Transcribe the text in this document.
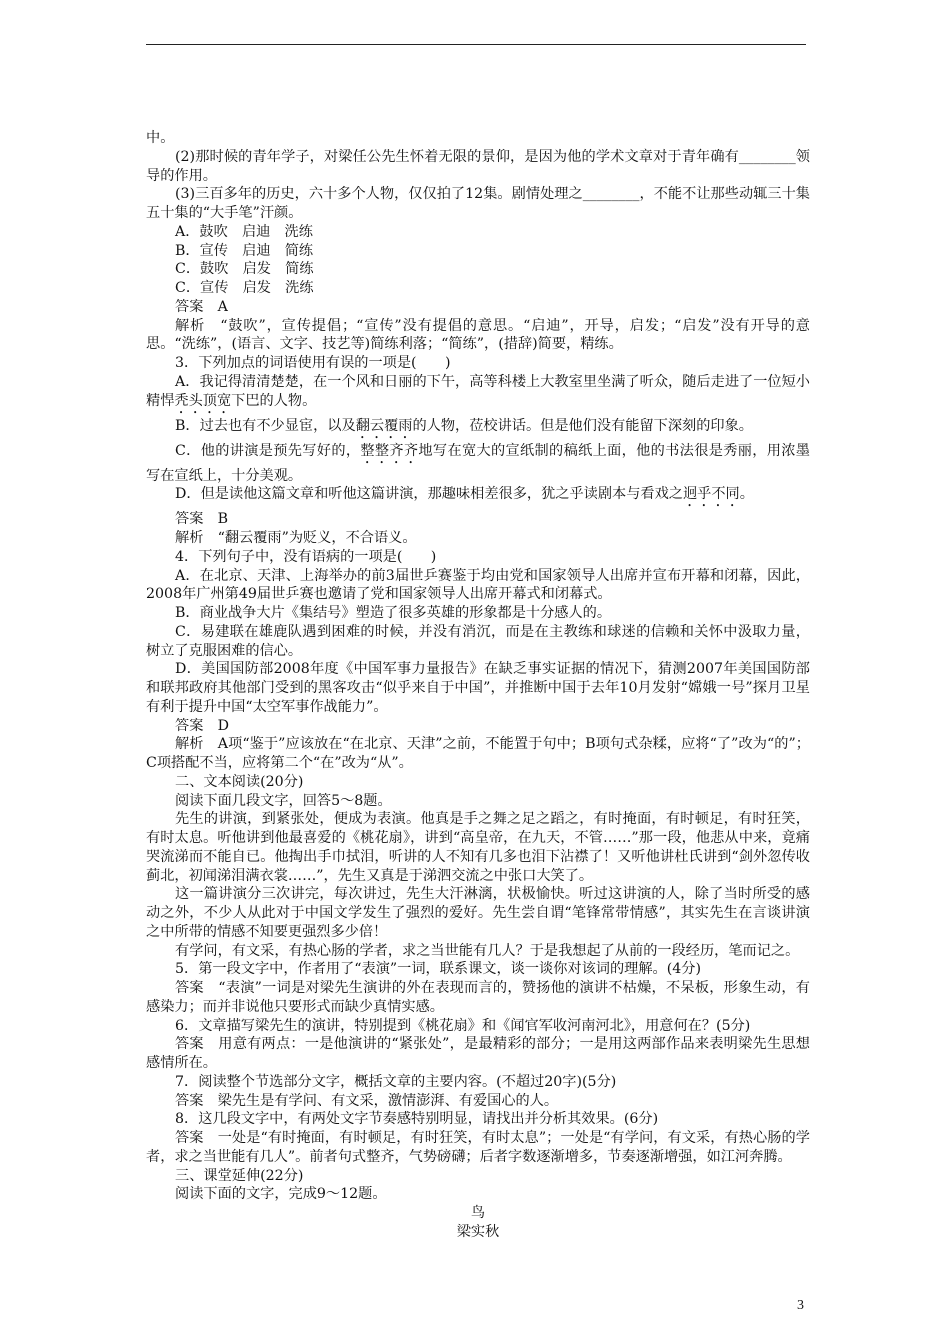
中。

(2)那时候的青年学子，对梁任公先生怀着无限的景仰，是因为他的学术文章对于青年确有________领导的作用。

(3)三百多年的历史，六十多个人物，仅仅拍了12集。剧情处理之________，不能不让那些动辄三十集五十集的“大手笔”汗颜。

A．鼓吹　启迪　洗练

B．宣传　启迪　简练

C．鼓吹　启发　简练

C．宣传　启发　洗练

答案　A

解析　“鼓吹”，宣传提倡；“宣传”没有提倡的意思。“启迪”，开导，启发；“启发”没有开导的意思。“洗练”，(语言、文字、技艺等)简练利落；“简练”，(措辞)简要，精练。

3．下列加点的词语使用有误的一项是(　　)

A．我记得清清楚楚，在一个风和日丽的下午，高等科楼上大教室里坐满了听众，随后走进了一位短小精悍秃头顶宽下巴的人物。

B．过去也有不少显宦，以及翻云覆雨的人物，莅校讲话。但是他们没有能留下深刻的印象。

C．他的讲演是预先写好的，整整齐齐地写在宽大的宣纸制的稿纸上面，他的书法很是秀丽，用浓墨写在宣纸上，十分美观。

D．但是读他这篇文章和听他这篇讲演，那趣味相差很多，犹之乎读剧本与看戏之迥乎不同。

答案　B

解析　“翻云覆雨”为贬义，不合语义。

4．下列句子中，没有语病的一项是(　　)

A．在北京、天津、上海举办的前3届世乒赛鉴于均由党和国家领导人出席并宣布开幕和闭幕，因此，2008年广州第49届世乒赛也邀请了党和国家领导人出席开幕式和闭幕式。

B．商业战争大片《集结号》塑造了很多英雄的形象都是十分感人的。

C．易建联在雄鹿队遇到困难的时候，并没有消沉，而是在主教练和球迷的信赖和关怀中汲取力量，树立了克服困难的信心。

D．美国国防部2008年度《中国军事力量报告》在缺乏事实证据的情况下，猜测2007年美国国防部和联邦政府其他部门受到的黑客攻击“似乎来自于中国”，并推断中国于去年10月发射“嫦娥一号”探月卫星有利于提升中国“太空军事作战能力”。

答案　D

解析　A项“鉴于”应该放在“在北京、天津”之前，不能置于句中；B项句式杂糅，应将“了”改为“的”；C项搭配不当，应将第二个“在”改为“从”。

二、文本阅读(20分)

阅读下面几段文字，回答5～8题。

先生的讲演，到紧张处，便成为表演。他真是手之舞之足之蹈之，有时掩面，有时顿足，有时狂笑，有时太息。听他讲到他最喜爱的《桃花扇》，讲到“高皇帝，在九天，不管……”那一段，他悲从中来，竟痛哭流涕而不能自已。他掏出手巾拭泪，听讲的人不知有几多也泪下沾襟了！又听他讲杜氏讲到“剑外忽传收蓟北，初闻涕泪满衣裳……”，先生又真是于涕泗交流之中张口大笑了。

这一篇讲演分三次讲完，每次讲过，先生大汗淋漓，状极愉快。听过这讲演的人，除了当时所受的感动之外，不少人从此对于中国文学发生了强烈的爱好。先生尝自谓“笔锋常带情感”，其实先生在言谈讲演之中所带的情感不知要更强烈多少倍！

有学问，有文采，有热心肠的学者，求之当世能有几人？于是我想起了从前的一段经历，笔而记之。

5．第一段文字中，作者用了“表演”一词，联系课文，谈一谈你对该词的理解。(4分)

答案　“表演”一词是对梁先生演讲的外在表现而言的，赞扬他的演讲不枯燥，不呆板，形象生动，有感染力；而并非说他只要形式而缺少真情实感。

6．文章描写梁先生的演讲，特别提到《桃花扇》和《闻官军收河南河北》，用意何在？(5分)

答案　用意有两点：一是他演讲的“紧张处”，是最精彩的部分；一是用这两部作品来表明梁先生思想感情所在。

7．阅读整个节选部分文字，概括文章的主要内容。(不超过20字)(5分)

答案　梁先生是有学问、有文采，激情澎湃、有爱国心的人。

8．这几段文字中，有两处文字节奏感特别明显，请找出并分析其效果。(6分)

答案　一处是“有时掩面，有时顿足，有时狂笑，有时太息”；一处是“有学问，有文采，有热心肠的学者，求之当世能有几人”。前者句式整齐，气势磅礴；后者字数逐渐增多，节奏逐渐增强，如江河奔腾。

三、课堂延伸(22分)

阅读下面的文字，完成9～12题。

鸟

梁实秋

3
